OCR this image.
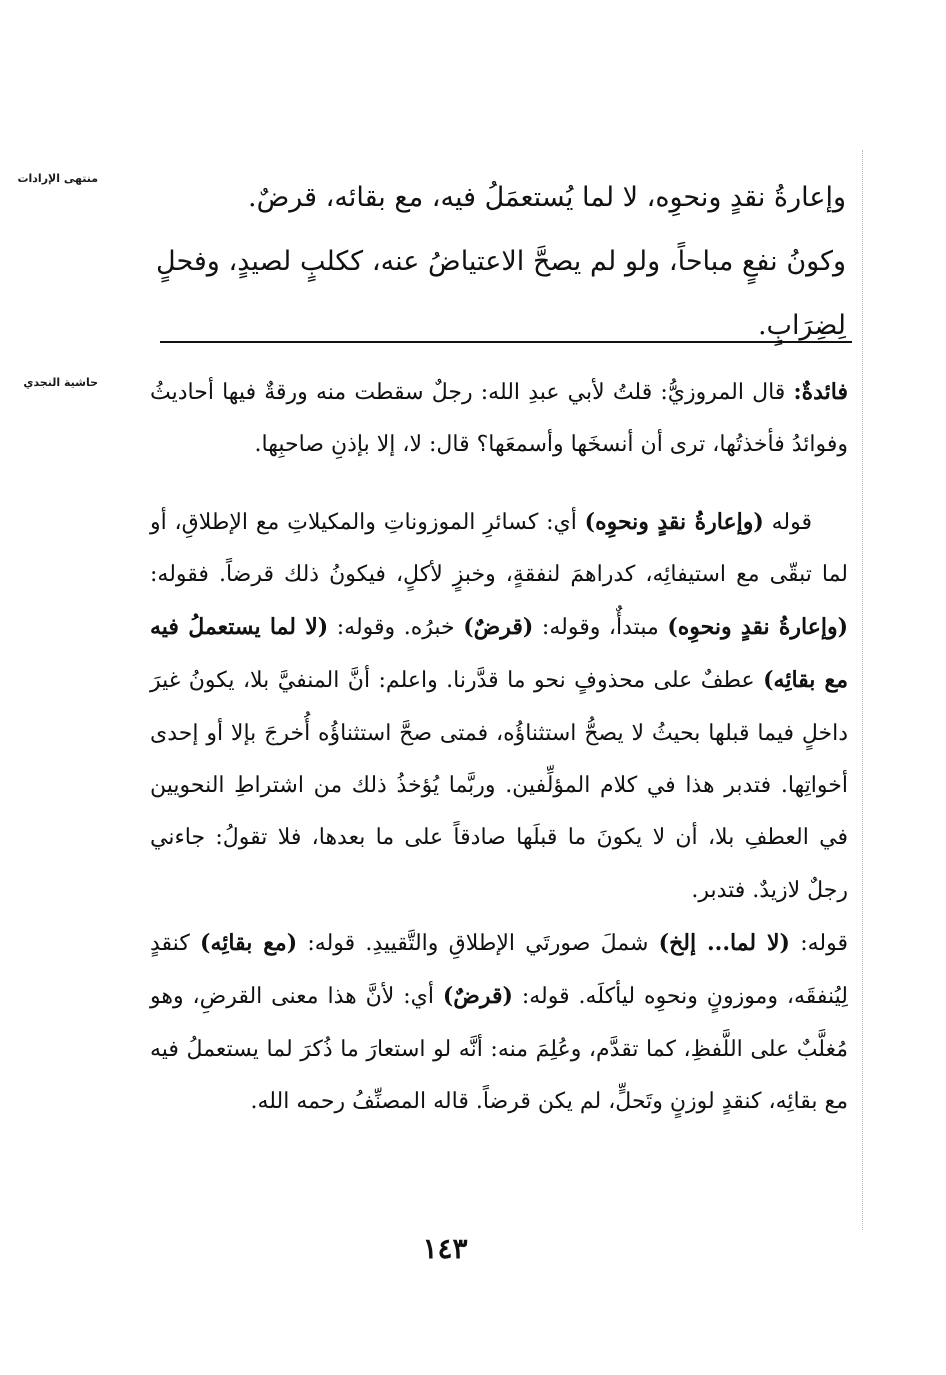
منتهى الإرادات
حاشية النجدي

وإعارةُ نقدٍ ونحوِه، لا لما يُستعمَلُ فيه، مع بقائه، قرضٌ.

وكونُ نفعٍ مباحاً، ولو لم يصحَّ الاعتياضُ عنه، ككلبٍ لصيدٍ، وفحلٍ لِضِرَابٍ.

فائدةٌ: قال المروزيُّ: قلتُ لأبي عبدِ الله: رجلٌ سقطت منه ورقةٌ فيها أحاديثُ وفوائدُ فأخذتُها، ترى أن أنسخَها وأسمعَها؟ قال: لا، إلا بإذنِ صاحبِها.

قوله (وإعارةُ نقدٍ ونحوِه) أي: كسائرِ الموزوناتِ والمكيلاتِ مع الإطلاقِ، أو لما تبقّى مع استيفائِه، كدراهمَ لنفقةٍ، وخبزٍ لأكلٍ، فيكونُ ذلك قرضاً. فقوله: (وإعارةُ نقدٍ ونحوِه) مبتدأٌ، وقوله: (قرضٌ) خبرُه. وقوله: (لا لما يستعملُ فيه مع بقائِه) عطفٌ على محذوفٍ نحو ما قدَّرنا. واعلم: أنَّ المنفيَّ بلا، يكونُ غيرَ داخلٍ فيما قبلها بحيثُ لا يصحُّ استثناؤُه، فمتى صحَّ استثناؤُه أُخرجَ بإلا أو إحدى أخواتِها. فتدبر هذا في كلام المؤلِّفين. وربَّما يُؤخذُ ذلك من اشتراطِ النحويين في العطفِ بلا، أن لا يكونَ ما قبلَها صادقاً على ما بعدها، فلا تقولُ: جاءني رجلٌ لازيدٌ. فتدبر.

قوله: (لا لما... إلخ) شملَ صورتَي الإطلاقِ والتَّقييدِ. قوله: (مع بقائِه) كنقدٍ لِيُنفقَه، وموزونٍ ونحوِه ليأكلَه. قوله: (قرضٌ) أي: لأنَّ هذا معنى القرضِ، وهو مُغلَّبٌ على اللَّفظِ، كما تقدَّم، وعُلِمَ منه: أنَّه لو استعارَ ما ذُكرَ لما يستعملُ فيه مع بقائِه، كنقدٍ لوزنٍ وتَحلٍّ، لم يكن قرضاً. قاله المصنِّفُ رحمه الله.

١٤٣
